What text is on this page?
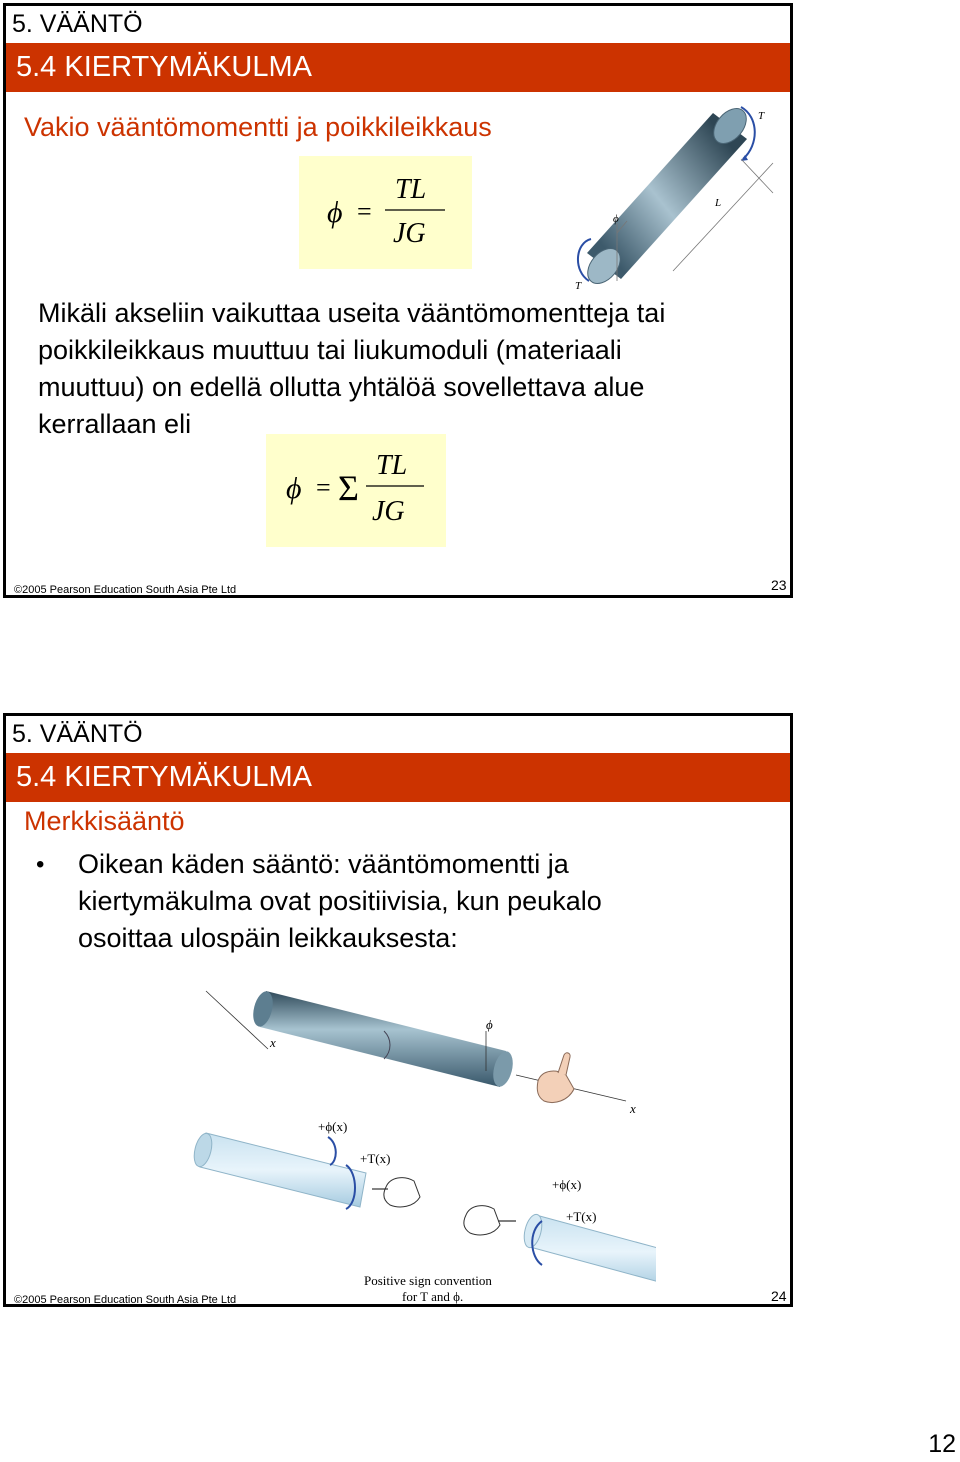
5. VÄÄNTÖ
5.4 KIERTYMÄKULMA
Vakio vääntömomentti ja poikkileikkaus
ϕ =
TL
JG
T
L
ϕ
T
Mikäli akseliin vaikuttaa useita vääntömomentteja tai
poikkileikkaus muuttuu tai liukumoduli (materiaali
muuttuu) on edellä ollutta yhtälöä sovellettava alue
kerrallaan eli
ϕ = Σ
TL
JG
©2005 Pearson Education South Asia Pte Ltd	23
5. VÄÄNTÖ
5.4 KIERTYMÄKULMA
Merkkisääntö
• Oikean käden sääntö: vääntömomentti ja
kiertymäkulma ovat positiivisia, kun peukalo
osoittaa ulospäin leikkauksesta:
x
ϕ
x
+ϕ(x)
+T(x)
+ϕ(x)
+T(x)
Positive sign convention
for T and ϕ.
©2005 Pearson Education South Asia Pte Ltd	24
12
